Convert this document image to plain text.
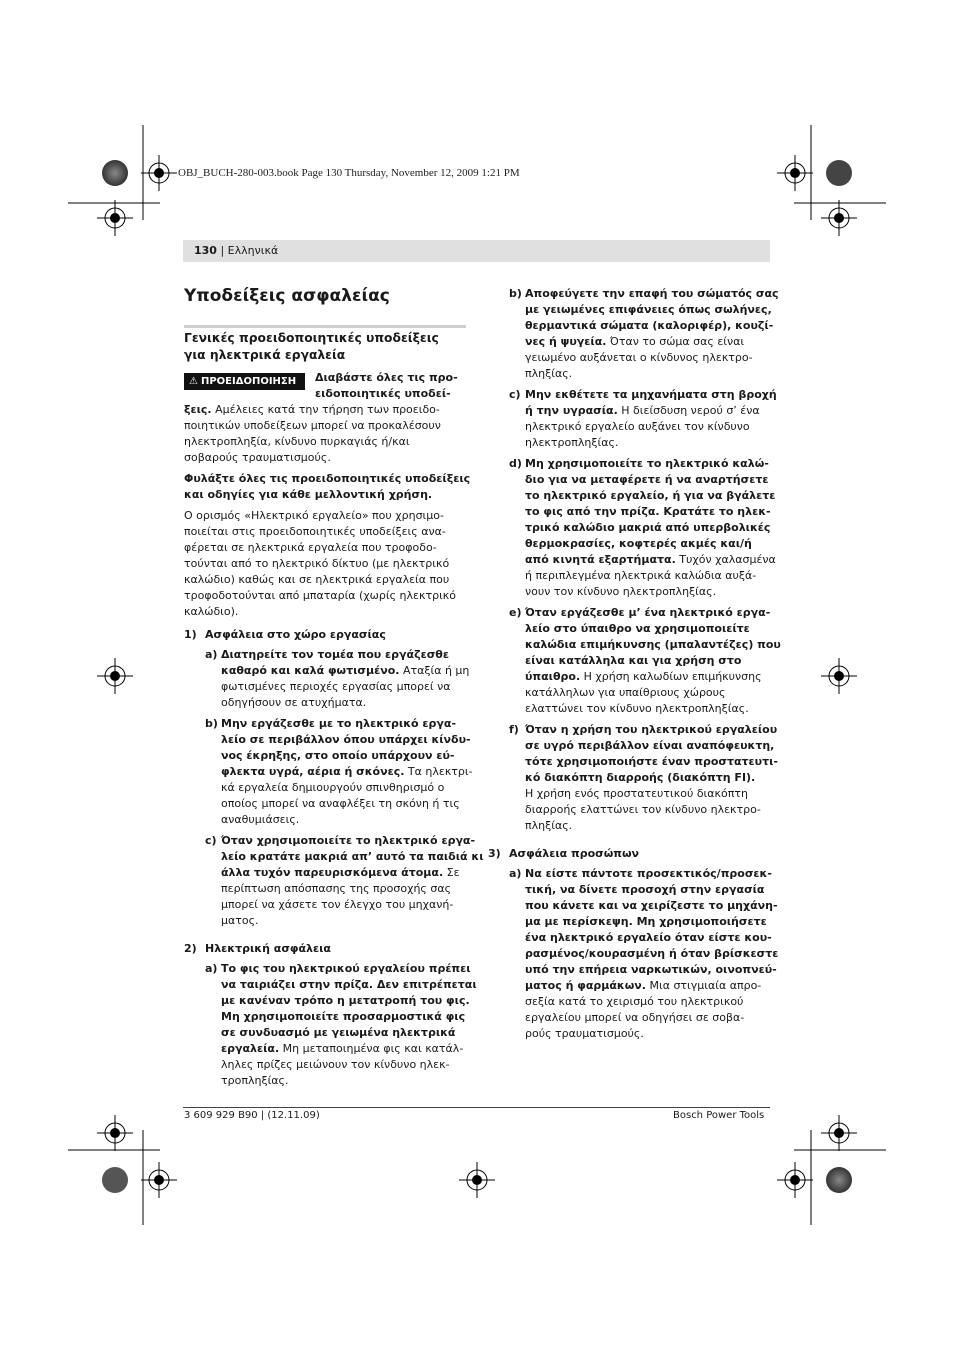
OBJ_BUCH-280-003.book Page 130 Thursday, November 12, 2009 1:21 PM
130 | Ελληνικά
Υποδείξεις ασφαλείας
Γενικές προειδοποιητικές υποδείξεις
για ηλεκτρικά εργαλεία
⚠ ΠΡΟΕΙΔΟΠΟΙΗΣΗ	Διαβάστε όλες τις προ-

ειδοποιητικές υποδεί-

ξεις. Αμέλειες κατά την τήρηση των προειδο-

ποιητικών υποδείξεων μπορεί να προκαλέσουν

ηλεκτροπληξία, κίνδυνο πυρκαγιάς ή/και

σοβαρούς τραυματισμούς.

Φυλάξτε όλες τις προειδοποιητικές υποδείξεις

και οδηγίες για κάθε μελλοντική χρήση.

Ο ορισμός «Ηλεκτρικό εργαλείο» που χρησιμο-

ποιείται στις προειδοποιητικές υποδείξεις ανα-

φέρεται σε ηλεκτρικά εργαλεία που τροφοδο-

τούνται από το ηλεκτρικό δίκτυο (με ηλεκτρικό

καλώδιο) καθώς και σε ηλεκτρικά εργαλεία που

τροφοδοτούνται από μπαταρία (χωρίς ηλεκτρικό

καλώδιο).

1) Ασφάλεια στο χώρο εργασίας
a) Διατηρείτε τον τομέα που εργάζεσθε

καθαρό και καλά φωτισμένο. Αταξία ή μη

φωτισμένες περιοχές εργασίας μπορεί να

οδηγήσουν σε ατυχήματα.

b) Μην εργάζεσθε με το ηλεκτρικό εργα-

λείο σε περιβάλλον όπου υπάρχει κίνδυ-

νος έκρηξης, στο οποίο υπάρχουν εύ-

φλεκτα υγρά, αέρια ή σκόνες. Τα ηλεκτρι-

κά εργαλεία δημιουργούν σπινθηρισμό ο

οποίος μπορεί να αναφλέξει τη σκόνη ή τις

αναθυμιάσεις.

c) Όταν χρησιμοποιείτε το ηλεκτρικό εργα-

λείο κρατάτε μακριά απ’ αυτό τα παιδιά κι

άλλα τυχόν παρευρισκόμενα άτομα. Σε

περίπτωση απόσπασης της προσοχής σας

μπορεί να χάσετε τον έλεγχο του μηχανή-

ματος.

2) Ηλεκτρική ασφάλεια
a) Το φις του ηλεκτρικού εργαλείου πρέπει

να ταιριάζει στην πρίζα. Δεν επιτρέπεται

με κανέναν τρόπο η μετατροπή του φις.

Μη χρησιμοποιείτε προσαρμοστικά φις

σε συνδυασμό με γειωμένα ηλεκτρικά

εργαλεία. Μη μεταποιημένα φις και κατάλ-

ληλες πρίζες μειώνουν τον κίνδυνο ηλεκ-

τροπληξίας.

b) Αποφεύγετε την επαφή του σώματός σας

με γειωμένες επιφάνειες όπως σωλήνες,

θερμαντικά σώματα (καλοριφέρ), κουζί-

νες ή ψυγεία. Όταν το σώμα σας είναι

γειωμένο αυξάνεται ο κίνδυνος ηλεκτρο-

πληξίας.

c) Μην εκθέτετε τα μηχανήματα στη βροχή

ή την υγρασία. Η διείσδυση νερού σ’ ένα

ηλεκτρικό εργαλείο αυξάνει τον κίνδυνο

ηλεκτροπληξίας.

d) Μη χρησιμοποιείτε το ηλεκτρικό καλώ-

διο για να μεταφέρετε ή να αναρτήσετε

το ηλεκτρικό εργαλείο, ή για να βγάλετε

το φις από την πρίζα. Κρατάτε το ηλεκ-

τρικό καλώδιο μακριά από υπερβολικές

θερμοκρασίες, κοφτερές ακμές και/ή

από κινητά εξαρτήματα. Τυχόν χαλασμένα

ή περιπλεγμένα ηλεκτρικά καλώδια αυξά-

νουν τον κίνδυνο ηλεκτροπληξίας.

e) Όταν εργάζεσθε μ’ ένα ηλεκτρικό εργα-

λείο στο ύπαιθρο να χρησιμοποιείτε

καλώδια επιμήκυνσης (μπαλαντέζες) που

είναι κατάλληλα και για χρήση στο

ύπαιθρο. Η χρήση καλωδίων επιμήκυνσης

κατάλληλων για υπαίθριους χώρους

ελαττώνει τον κίνδυνο ηλεκτροπληξίας.

f) Όταν η χρήση του ηλεκτρικού εργαλείου

σε υγρό περιβάλλον είναι αναπόφευκτη,

τότε χρησιμοποιήστε έναν προστατευτι-

κό διακόπτη διαρροής (διακόπτη FI).

Η χρήση ενός προστατευτικού διακόπτη

διαρροής ελαττώνει τον κίνδυνο ηλεκτρο-

πληξίας.

3) Ασφάλεια προσώπων
a) Να είστε πάντοτε προσεκτικός/προσεκ-

τική, να δίνετε προσοχή στην εργασία

που κάνετε και να χειρίζεστε το μηχάνη-

μα με περίσκεψη. Μη χρησιμοποιήσετε

ένα ηλεκτρικό εργαλείο όταν είστε κου-

ρασμένος/κουρασμένη ή όταν βρίσκεστε

υπό την επήρεια ναρκωτικών, οινοπνεύ-

ματος ή φαρμάκων. Μια στιγμιαία απρο-

σεξία κατά το χειρισμό του ηλεκτρικού

εργαλείου μπορεί να οδηγήσει σε σοβα-

ρούς τραυματισμούς.

3 609 929 B90 | (12.11.09)	Bosch Power Tools
